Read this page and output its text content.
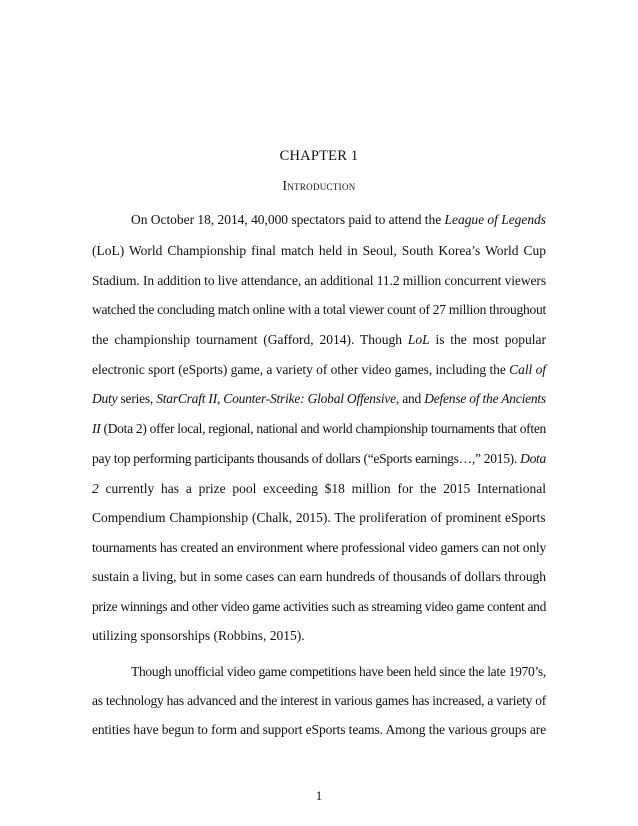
CHAPTER 1
Introduction
On October 18, 2014, 40,000 spectators paid to attend the League of Legends
(LoL) World Championship final match held in Seoul, South Korea’s World Cup
Stadium. In addition to live attendance, an additional 11.2 million concurrent viewers
watched the concluding match online with a total viewer count of 27 million throughout
the championship tournament (Gafford, 2014). Though LoL is the most popular
electronic sport (eSports) game, a variety of other video games, including the Call of
Duty series, StarCraft II, Counter-Strike: Global Offensive, and Defense of the Ancients
II (Dota 2) offer local, regional, national and world championship tournaments that often
pay top performing participants thousands of dollars (“eSports earnings…,” 2015). Dota
2 currently has a prize pool exceeding $18 million for the 2015 International
Compendium Championship (Chalk, 2015). The proliferation of prominent eSports
tournaments has created an environment where professional video gamers can not only
sustain a living, but in some cases can earn hundreds of thousands of dollars through
prize winnings and other video game activities such as streaming video game content and
utilizing sponsorships (Robbins, 2015).
Though unofficial video game competitions have been held since the late 1970’s,
as technology has advanced and the interest in various games has increased, a variety of
entities have begun to form and support eSports teams. Among the various groups are
1
